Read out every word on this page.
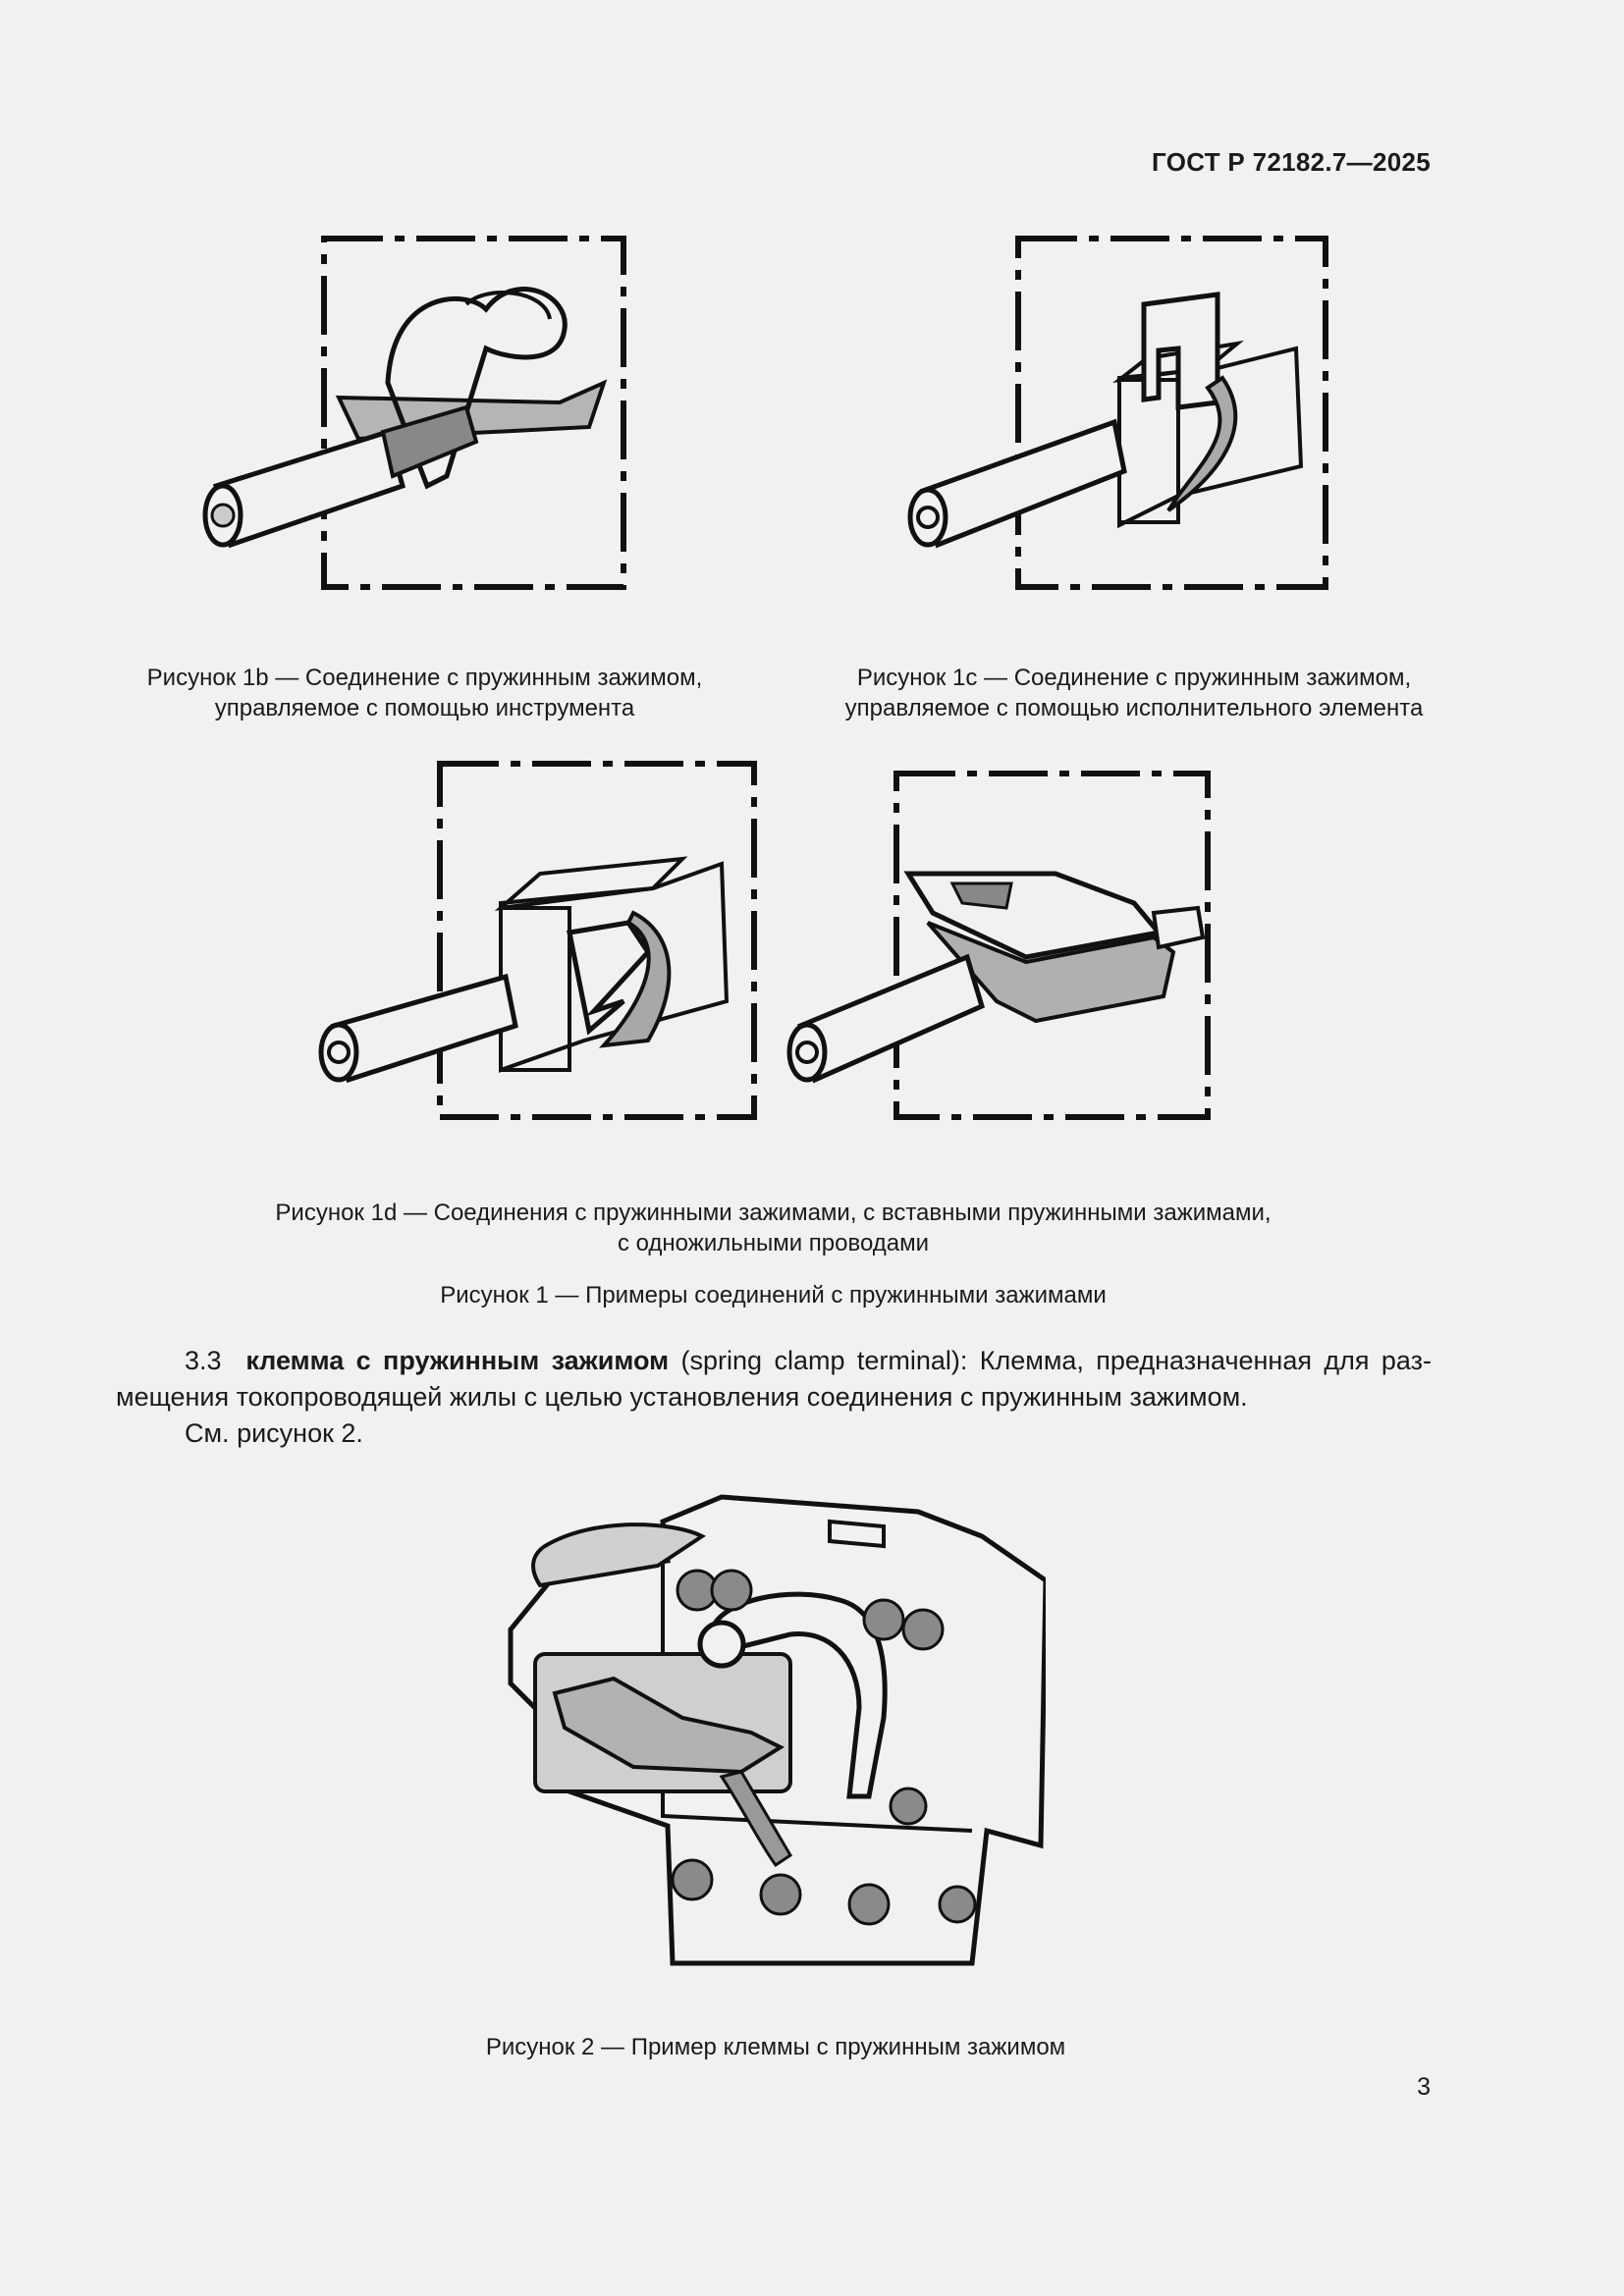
ГОСТ Р 72182.7—2025
Рисунок 1b — Соединение с пружинным зажимом,
управляемое с помощью инструмента
Рисунок 1c — Соединение с пружинным зажимом,
управляемое с помощью исполнительного элемента
Рисунок 1d — Соединения с пружинными зажимами, с вставными пружинными зажимами,
с одножильными проводами
Рисунок 1 — Примеры соединений с пружинными зажимами

3.3 клемма с пружинным зажимом (spring clamp terminal): Клемма, предназначенная для раз-

мещения токопроводящей жилы с целью установления соединения с пружинным зажимом.

См. рисунок 2.

Рисунок 2 — Пример клеммы с пружинным зажимом
3
